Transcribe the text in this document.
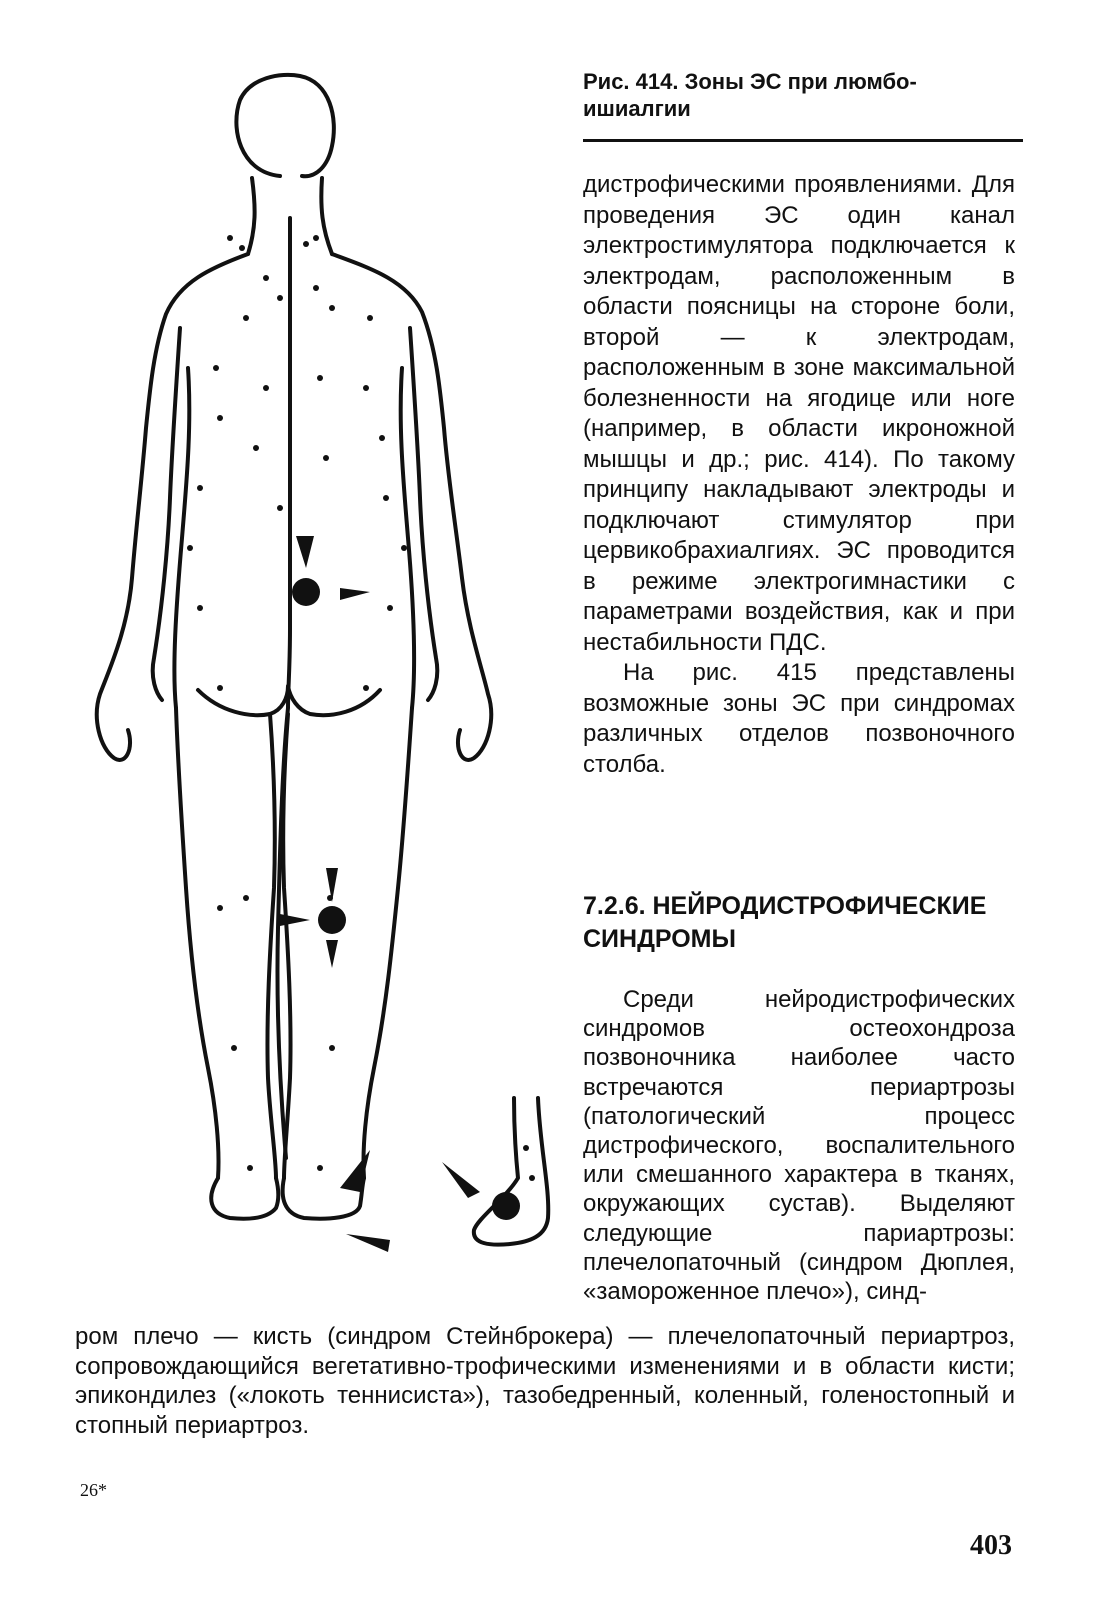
Рис. 414. Зоны ЭС при люмбо-ишиалгии

дистрофическими проявлениями. Для проведения ЭС один канал электростимулятора подключается к электродам, расположенным в области поясницы на стороне боли, второй — к электродам, расположенным в зоне максимальной болезненности на ягодице или ноге (например, в области икроножной мышцы и др.; рис. 414). По такому принципу накладывают электроды и подключают стимулятор при цервикобрахиалгиях. ЭС проводится в режиме электрогимнастики с параметрами воздействия, как и при нестабильности ПДС.

На рис. 415 представлены возможные зоны ЭС при синдромах различных отделов позвоночного столба.

7.2.6. НЕЙРОДИСТРОФИЧЕСКИЕ СИНДРОМЫ

Среди нейродистрофических синдромов остеохондроза позвоночника наиболее часто встречаются периартрозы (патологический процесс дистрофического, воспалительного или смешанного характера в тканях, окружающих сустав). Выделяют следующие париартрозы: плечелопаточный (синдром Дюплея, «замороженное плечо»), синд-

ром плечо — кисть (синдром Стейнброкера) — плечелопаточный периартроз, сопровождающийся вегетативно-трофическими изменениями и в области кисти; эпикондилез («локоть теннисиста»), тазобедренный, коленный, голеностопный и стопный периартроз.

26*
403
